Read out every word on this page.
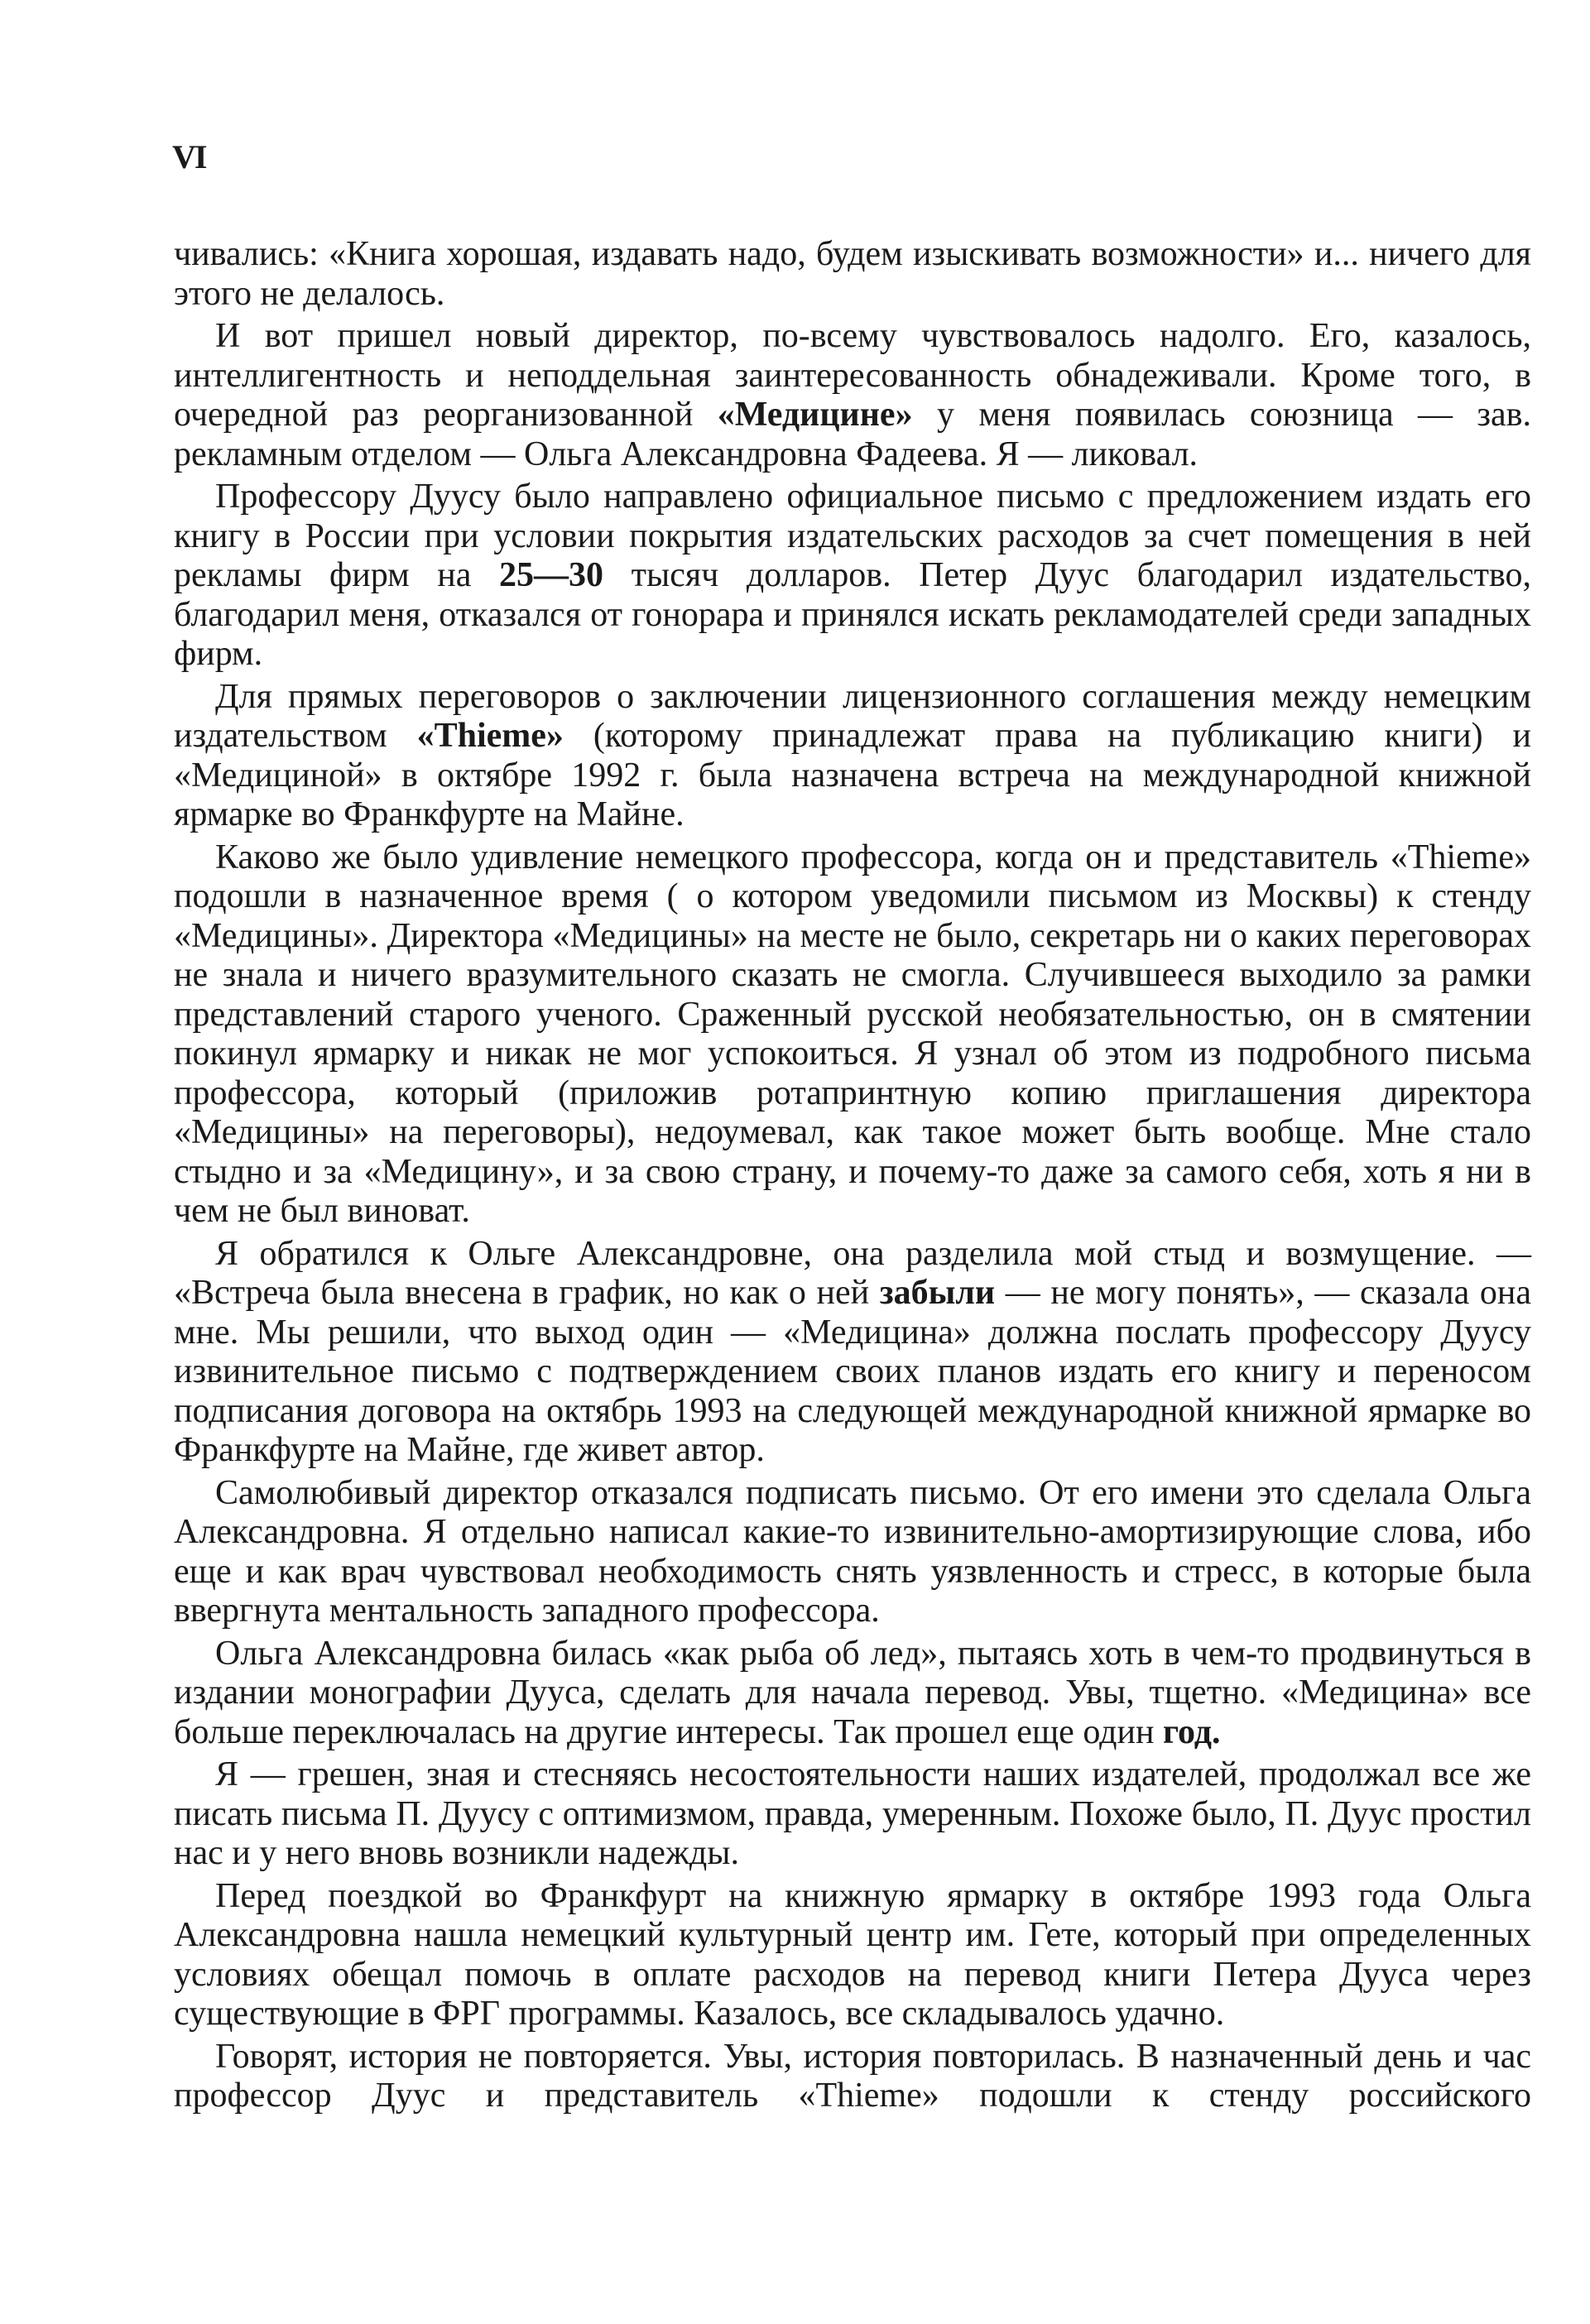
VI

чивались: «Книга хорошая, издавать надо, будем изыскивать возможности» и... ничего для этого не делалось.

И вот пришел новый директор, по-всему чувствовалось надолго. Его, казалось, интеллигентность и неподдельная заинтересованность обнадеживали. Кроме того, в очередной раз реорганизованной «Медицине» у меня появилась союзница — зав. рекламным отделом — Ольга Александровна Фадеева. Я — ликовал.

Профессору Дуусу было направлено официальное письмо с предложением издать его книгу в России при условии покрытия издательских расходов за счет помещения в ней рекламы фирм на 25—30 тысяч долларов. Петер Дуус благодарил издательство, благодарил меня, отказался от гонорара и принялся искать рекламодателей среди западных фирм.

Для прямых переговоров о заключении лицензионного соглашения между немецким издательством «Thieme» (которому принадлежат права на публикацию книги) и «Медициной» в октябре 1992 г. была назначена встреча на международной книжной ярмарке во Франкфурте на Майне.

Каково же было удивление немецкого профессора, когда он и представитель «Thieme» подошли в назначенное время ( о котором уведомили письмом из Москвы) к стенду «Медицины». Директора «Медицины» на месте не было, секретарь ни о каких переговорах не знала и ничего вразумительного сказать не смогла. Случившееся выходило за рамки представлений старого ученого. Сраженный русской необязательностью, он в смятении покинул ярмарку и никак не мог успокоиться. Я узнал об этом из подробного письма профессора, который (приложив ротапринтную копию приглашения директора «Медицины» на переговоры), недоумевал, как такое может быть вообще. Мне стало стыдно и за «Медицину», и за свою страну, и почему-то даже за самого себя, хоть я ни в чем не был виноват.

Я обратился к Ольге Александровне, она разделила мой стыд и возмущение. — «Встреча была внесена в график, но как о ней забыли — не могу понять», — сказала она мне. Мы решили, что выход один — «Медицина» должна послать профессору Дуусу извинительное письмо с подтверждением своих планов издать его книгу и переносом подписания договора на октябрь 1993 на следующей международной книжной ярмарке во Франкфурте на Майне, где живет автор.

Самолюбивый директор отказался подписать письмо. От его имени это сделала Ольга Александровна. Я отдельно написал какие-то извинительно-амортизирующие слова, ибо еще и как врач чувствовал необходимость снять уязвленность и стресс, в которые была ввергнута ментальность западного профессора.

Ольга Александровна билась «как рыба об лед», пытаясь хоть в чем-то продвинуться в издании монографии Дууса, сделать для начала перевод. Увы, тщетно. «Медицина» все больше переключалась на другие интересы. Так прошел еще один год.

Я — грешен, зная и стесняясь несостоятельности наших издателей, продолжал все же писать письма П. Дуусу с оптимизмом, правда, умеренным. Похоже было, П. Дуус простил нас и у него вновь возникли надежды.

Перед поездкой во Франкфурт на книжную ярмарку в октябре 1993 года Ольга Александровна нашла немецкий культурный центр им. Гете, который при определенных условиях обещал помочь в оплате расходов на перевод книги Петера Дууса через существующие в ФРГ программы. Казалось, все складывалось удачно.

Говорят, история не повторяется. Увы, история повторилась. В назначенный день и час профессор Дуус и представитель «Thieme» подошли к стенду российского
